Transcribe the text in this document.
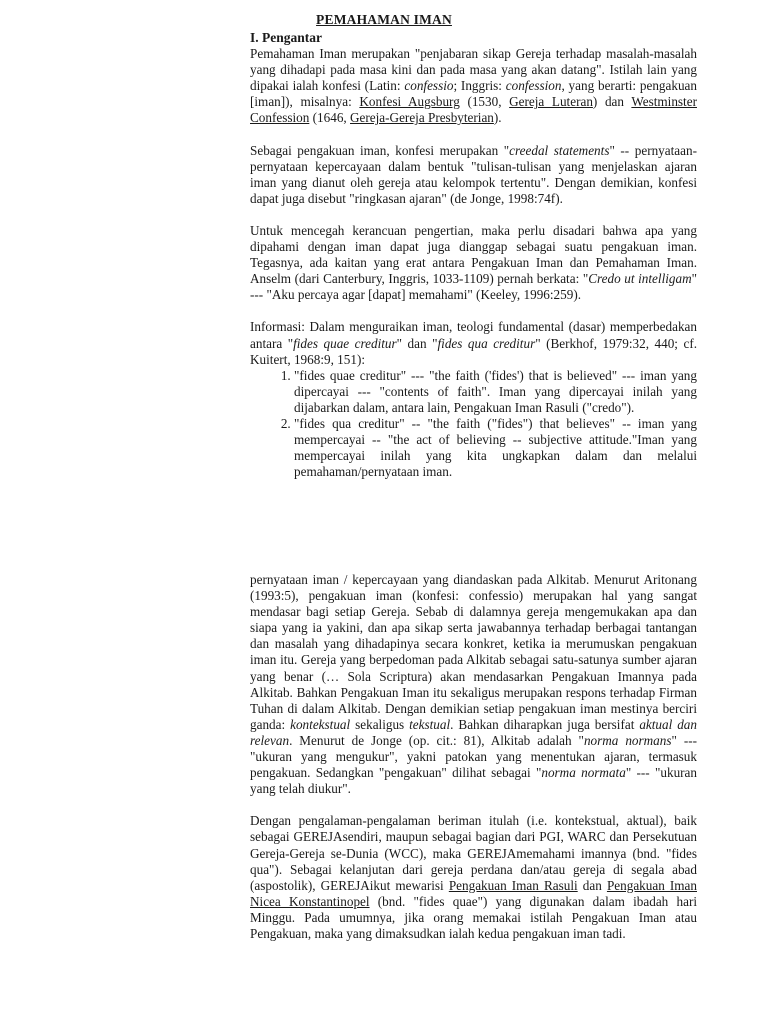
PEMAHAMAN IMAN

I. Pengantar

Pemahaman Iman merupakan "penjabaran sikap Gereja terhadap masalah-masalah yang dihadapi pada masa kini dan pada masa yang akan datang". Istilah lain yang dipakai ialah konfesi (Latin: confessio; Inggris: confession, yang berarti: pengakuan [iman]), misalnya: Konfesi Augsburg (1530, Gereja Luteran) dan Westminster Confession (1646, Gereja-Gereja Presbyterian).

Sebagai pengakuan iman, konfesi merupakan "creedal statements" -- pernyataan-pernyataan kepercayaan dalam bentuk "tulisan-tulisan yang menjelaskan ajaran iman yang dianut oleh gereja atau kelompok tertentu". Dengan demikian, konfesi dapat juga disebut "ringkasan ajaran" (de Jonge, 1998:74f).

Untuk mencegah kerancuan pengertian, maka perlu disadari bahwa apa yang dipahami dengan iman dapat juga dianggap sebagai suatu pengakuan iman. Tegasnya, ada kaitan yang erat antara Pengakuan Iman dan Pemahaman Iman. Anselm (dari Canterbury, Inggris, 1033-1109) pernah berkata: "Credo ut intelligam" --- "Aku percaya agar [dapat] memahami" (Keeley, 1996:259).

Informasi: Dalam menguraikan iman, teologi fundamental (dasar) memperbedakan antara "fides quae creditur" dan "fides qua creditur" (Berkhof, 1979:32, 440; cf. Kuitert, 1968:9, 151):

1. "fides quae creditur" --- "the faith ('fides') that is believed" --- iman yang dipercayai --- "contents of faith". Iman yang dipercayai inilah yang dijabarkan dalam, antara lain, Pengakuan Iman Rasuli ("credo").
2. "fides qua creditur" -- "the faith ("fides") that believes" -- iman yang mempercayai -- "the act of believing -- subjective attitude."Iman yang mempercayai inilah yang kita ungkapkan dalam dan melalui pemahaman/pernyataan iman.

pernyataan iman / kepercayaan yang diandaskan pada Alkitab. Menurut Aritonang (1993:5), pengakuan iman (konfesi: confessio) merupakan hal yang sangat mendasar bagi setiap Gereja. Sebab di dalamnya gereja mengemukakan apa dan siapa yang ia yakini, dan apa sikap serta jawabannya terhadap berbagai tantangan dan masalah yang dihadapinya secara konkret, ketika ia merumuskan pengakuan iman itu. Gereja yang berpedoman pada Alkitab sebagai satu-satunya sumber ajaran yang benar (… Sola Scriptura) akan mendasarkan Pengakuan Imannya pada Alkitab. Bahkan Pengakuan Iman itu sekaligus merupakan respons terhadap Firman Tuhan di dalam Alkitab. Dengan demikian setiap pengakuan iman mestinya berciri ganda: kontekstual sekaligus tekstual. Bahkan diharapkan juga bersifat aktual dan relevan. Menurut de Jonge (op. cit.: 81), Alkitab adalah "norma normans" --- "ukuran yang mengukur", yakni patokan yang menentukan ajaran, termasuk pengakuan. Sedangkan "pengakuan" dilihat sebagai "norma normata" --- "ukuran yang telah diukur".

Dengan pengalaman-pengalaman beriman itulah (i.e. kontekstual, aktual), baik sebagai GEREJAsendiri, maupun sebagai bagian dari PGI, WARC dan Persekutuan Gereja-Gereja se-Dunia (WCC), maka GEREJAmemahami imannya (bnd. "fides qua"). Sebagai kelanjutan dari gereja perdana dan/atau gereja di segala abad (aspostolik), GEREJAikut mewarisi Pengakuan Iman Rasuli dan Pengakuan Iman Nicea Konstantinopel (bnd. "fides quae") yang digunakan dalam ibadah hari Minggu. Pada umumnya, jika orang memakai istilah Pengakuan Iman atau Pengakuan, maka yang dimaksudkan ialah kedua pengakuan iman tadi.
